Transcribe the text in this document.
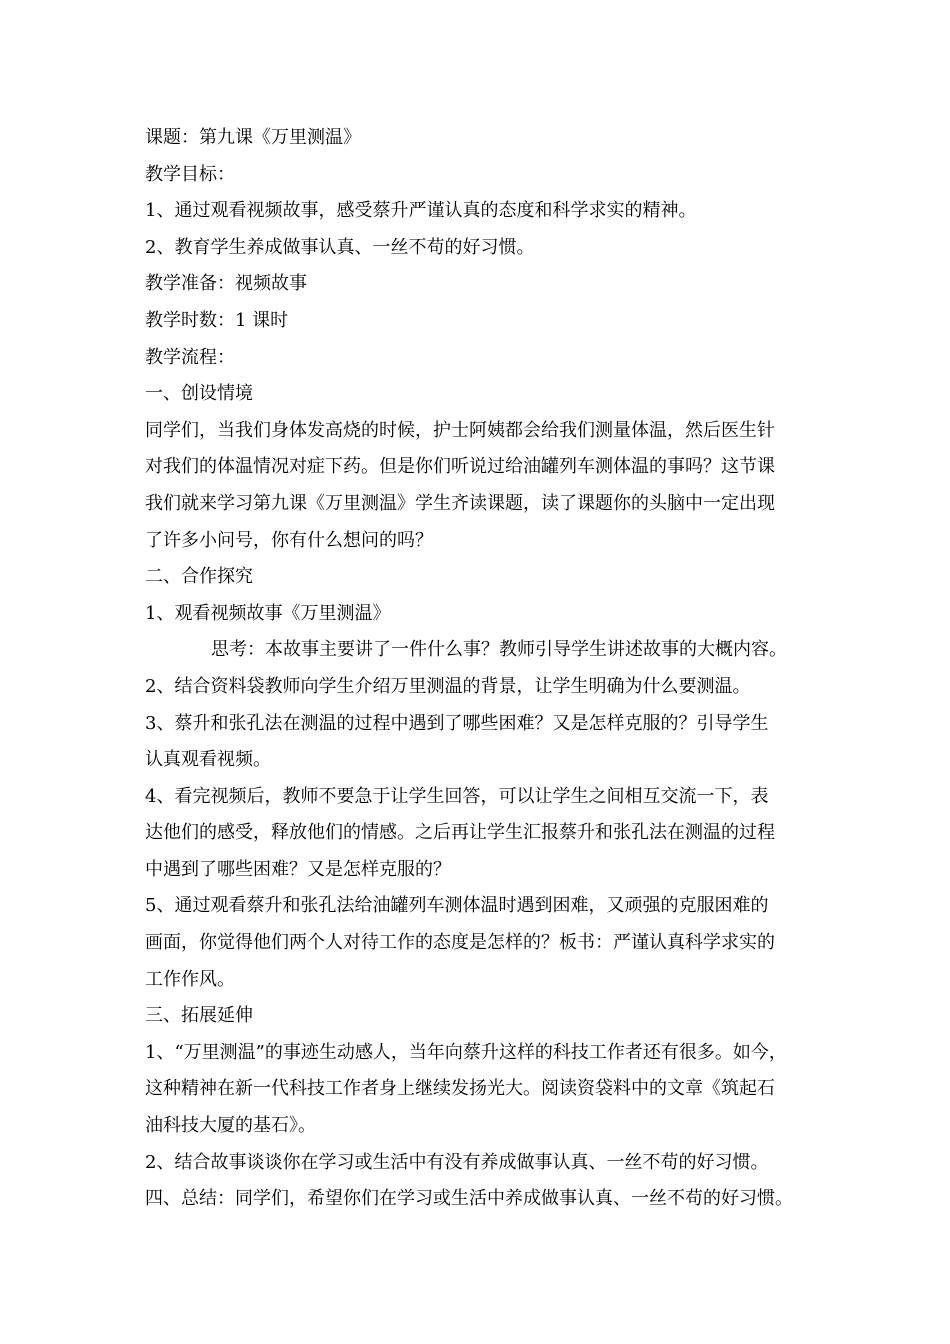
课题：第九课《万里测温》

教学目标：

1、通过观看视频故事，感受蔡升严谨认真的态度和科学求实的精神。

2、教育学生养成做事认真、一丝不苟的好习惯。

教学准备：视频故事

教学时数：1 课时

教学流程：

一、创设情境

同学们，当我们身体发高烧的时候，护士阿姨都会给我们测量体温，然后医生针

对我们的体温情况对症下药。但是你们听说过给油罐列车测体温的事吗？这节课

我们就来学习第九课《万里测温》学生齐读课题，读了课题你的头脑中一定出现

了许多小问号，你有什么想问的吗？

二、合作探究

1、观看视频故事《万里测温》

思考：本故事主要讲了一件什么事？教师引导学生讲述故事的大概内容。

2、结合资料袋教师向学生介绍万里测温的背景，让学生明确为什么要测温。

3、蔡升和张孔法在测温的过程中遇到了哪些困难？又是怎样克服的？引导学生

认真观看视频。

4、看完视频后，教师不要急于让学生回答，可以让学生之间相互交流一下，表

达他们的感受，释放他们的情感。之后再让学生汇报蔡升和张孔法在测温的过程

中遇到了哪些困难？又是怎样克服的？

5、通过观看蔡升和张孔法给油罐列车测体温时遇到困难，又顽强的克服困难的

画面，你觉得他们两个人对待工作的态度是怎样的？板书：严谨认真科学求实的

工作作风。

三、拓展延伸

1、“万里测温”的事迹生动感人，当年向蔡升这样的科技工作者还有很多。如今，

这种精神在新一代科技工作者身上继续发扬光大。阅读资袋料中的文章《筑起石

油科技大厦的基石》。

2、结合故事谈谈你在学习或生活中有没有养成做事认真、一丝不苟的好习惯。

四、总结：同学们，希望你们在学习或生活中养成做事认真、一丝不苟的好习惯。
